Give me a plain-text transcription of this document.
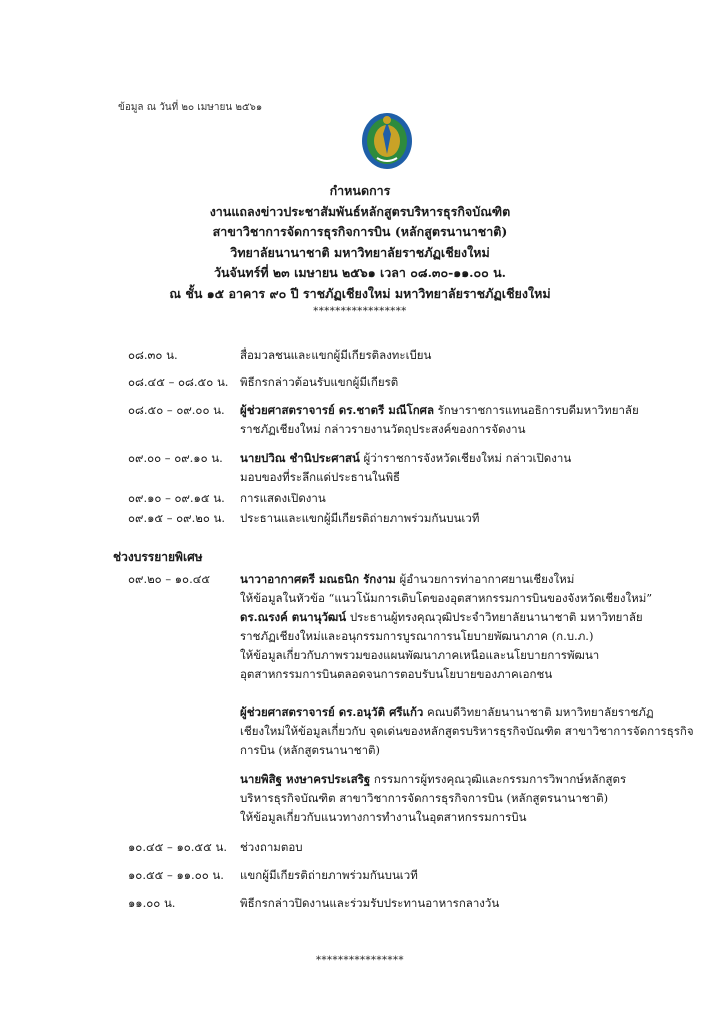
ข้อมูล ณ วันที่ ๒๐ เมษายน ๒๕๖๑
กำหนดการ
งานแถลงข่าวประชาสัมพันธ์หลักสูตรบริหารธุรกิจบัณฑิต
สาขาวิชาการจัดการธุรกิจการบิน (หลักสูตรนานาชาติ)
วิทยาลัยนานาชาติ มหาวิทยาลัยราชภัฏเชียงใหม่
วันจันทร์ที่ ๒๓ เมษายน ๒๕๖๑ เวลา ๐๘.๓๐-๑๑.๐๐ น.
ณ ชั้น ๑๕ อาคาร ๙๐ ปี ราชภัฏเชียงใหม่ มหาวิทยาลัยราชภัฏเชียงใหม่
*****************
๐๘.๓๐ น.	สื่อมวลชนและแขกผู้มีเกียรติลงทะเบียน
๐๘.๔๕ – ๐๘.๕๐ น. พิธีกรกล่าวต้อนรับแขกผู้มีเกียรติ
๐๘.๕๐ – ๐๙.๐๐ น. ผู้ช่วยศาสตราจารย์ ดร.ชาตรี มณีโกศล รักษาราชการแทนอธิการบดีมหาวิทยาลัย
ราชภัฏเชียงใหม่ กล่าวรายงานวัตถุประสงค์ของการจัดงาน
๐๙.๐๐ – ๐๙.๑๐ น. นายปวิณ ชำนิประศาสน์ ผู้ว่าราชการจังหวัดเชียงใหม่ กล่าวเปิดงาน
มอบของที่ระลึกแด่ประธานในพิธี
๐๙.๑๐ – ๐๙.๑๕ น. การแสดงเปิดงาน
๐๙.๑๕ – ๐๙.๒๐ น. ประธานและแขกผู้มีเกียรติถ่ายภาพร่วมกันบนเวที
ช่วงบรรยายพิเศษ
๐๙.๒๐ – ๑๐.๔๕	นาวาอากาศตรี มณธนิก รักงาม ผู้อำนวยการท่าอากาศยานเชียงใหม่
ให้ข้อมูลในหัวข้อ “แนวโน้มการเติบโตของอุตสาหกรรมการบินของจังหวัดเชียงใหม่”
ดร.ณรงค์ ตนานุวัฒน์ ประธานผู้ทรงคุณวุฒิประจำวิทยาลัยนานาชาติ มหาวิทยาลัย
ราชภัฏเชียงใหม่และอนุกรรมการบูรณาการนโยบายพัฒนาภาค (ก.บ.ภ.)
ให้ข้อมูลเกี่ยวกับภาพรวมของแผนพัฒนาภาคเหนือและนโยบายการพัฒนา
อุตสาหกรรมการบินตลอดจนการตอบรับนโยบายของภาคเอกชน
ผู้ช่วยศาสตราจารย์ ดร.อนุวัติ ศรีแก้ว คณบดีวิทยาลัยนานาชาติ มหาวิทยาลัยราชภัฏ
เชียงใหม่ให้ข้อมูลเกี่ยวกับ จุดเด่นของหลักสูตรบริหารธุรกิจบัณฑิต สาขาวิชาการจัดการธุรกิจ
การบิน (หลักสูตรนานาชาติ)
นายพิสิฐ หงษาครประเสริฐ กรรมการผู้ทรงคุณวุฒิและกรรมการวิพากษ์หลักสูตร
บริหารธุรกิจบัณฑิต สาขาวิชาการจัดการธุรกิจการบิน (หลักสูตรนานาชาติ)
ให้ข้อมูลเกี่ยวกับแนวทางการทำงานในอุตสาหกรรมการบิน
๑๐.๔๕ – ๑๐.๕๕ น. ช่วงถามตอบ
๑๐.๕๕ – ๑๑.๐๐ น. แขกผู้มีเกียรติถ่ายภาพร่วมกันบนเวที
๑๑.๐๐ น.	พิธีกรกล่าวปิดงานและร่วมรับประทานอาหารกลางวัน
****************
